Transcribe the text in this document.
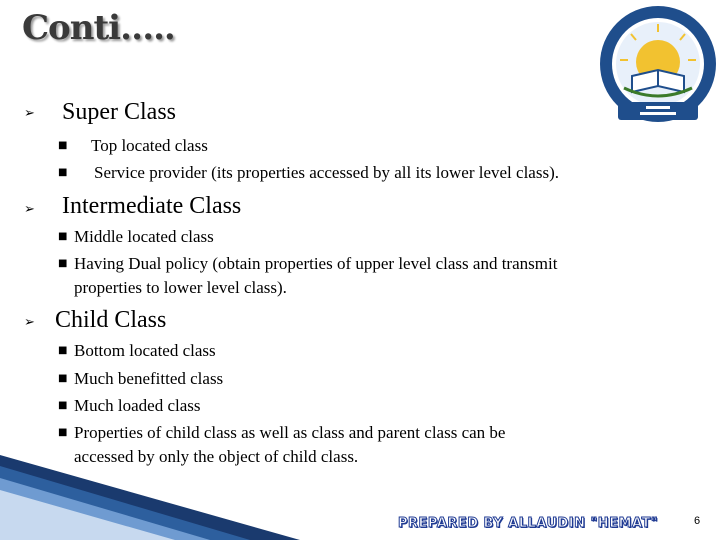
Conti…..
➢ Super Class
■ Top located class
■ Service provider (its properties accessed by all its lower level class).
➢ Intermediate Class
■ Middle located class
■ Having Dual policy (obtain properties of upper level class and transmit
properties to lower level class).
➢ Child Class
■ Bottom located class
■ Much benefitted class
■ Much loaded class
■ Properties of child class as well as class and parent class can be
accessed by only the object of child class.
PREPARED BY ALLAUDIN "HEMAT"	6
